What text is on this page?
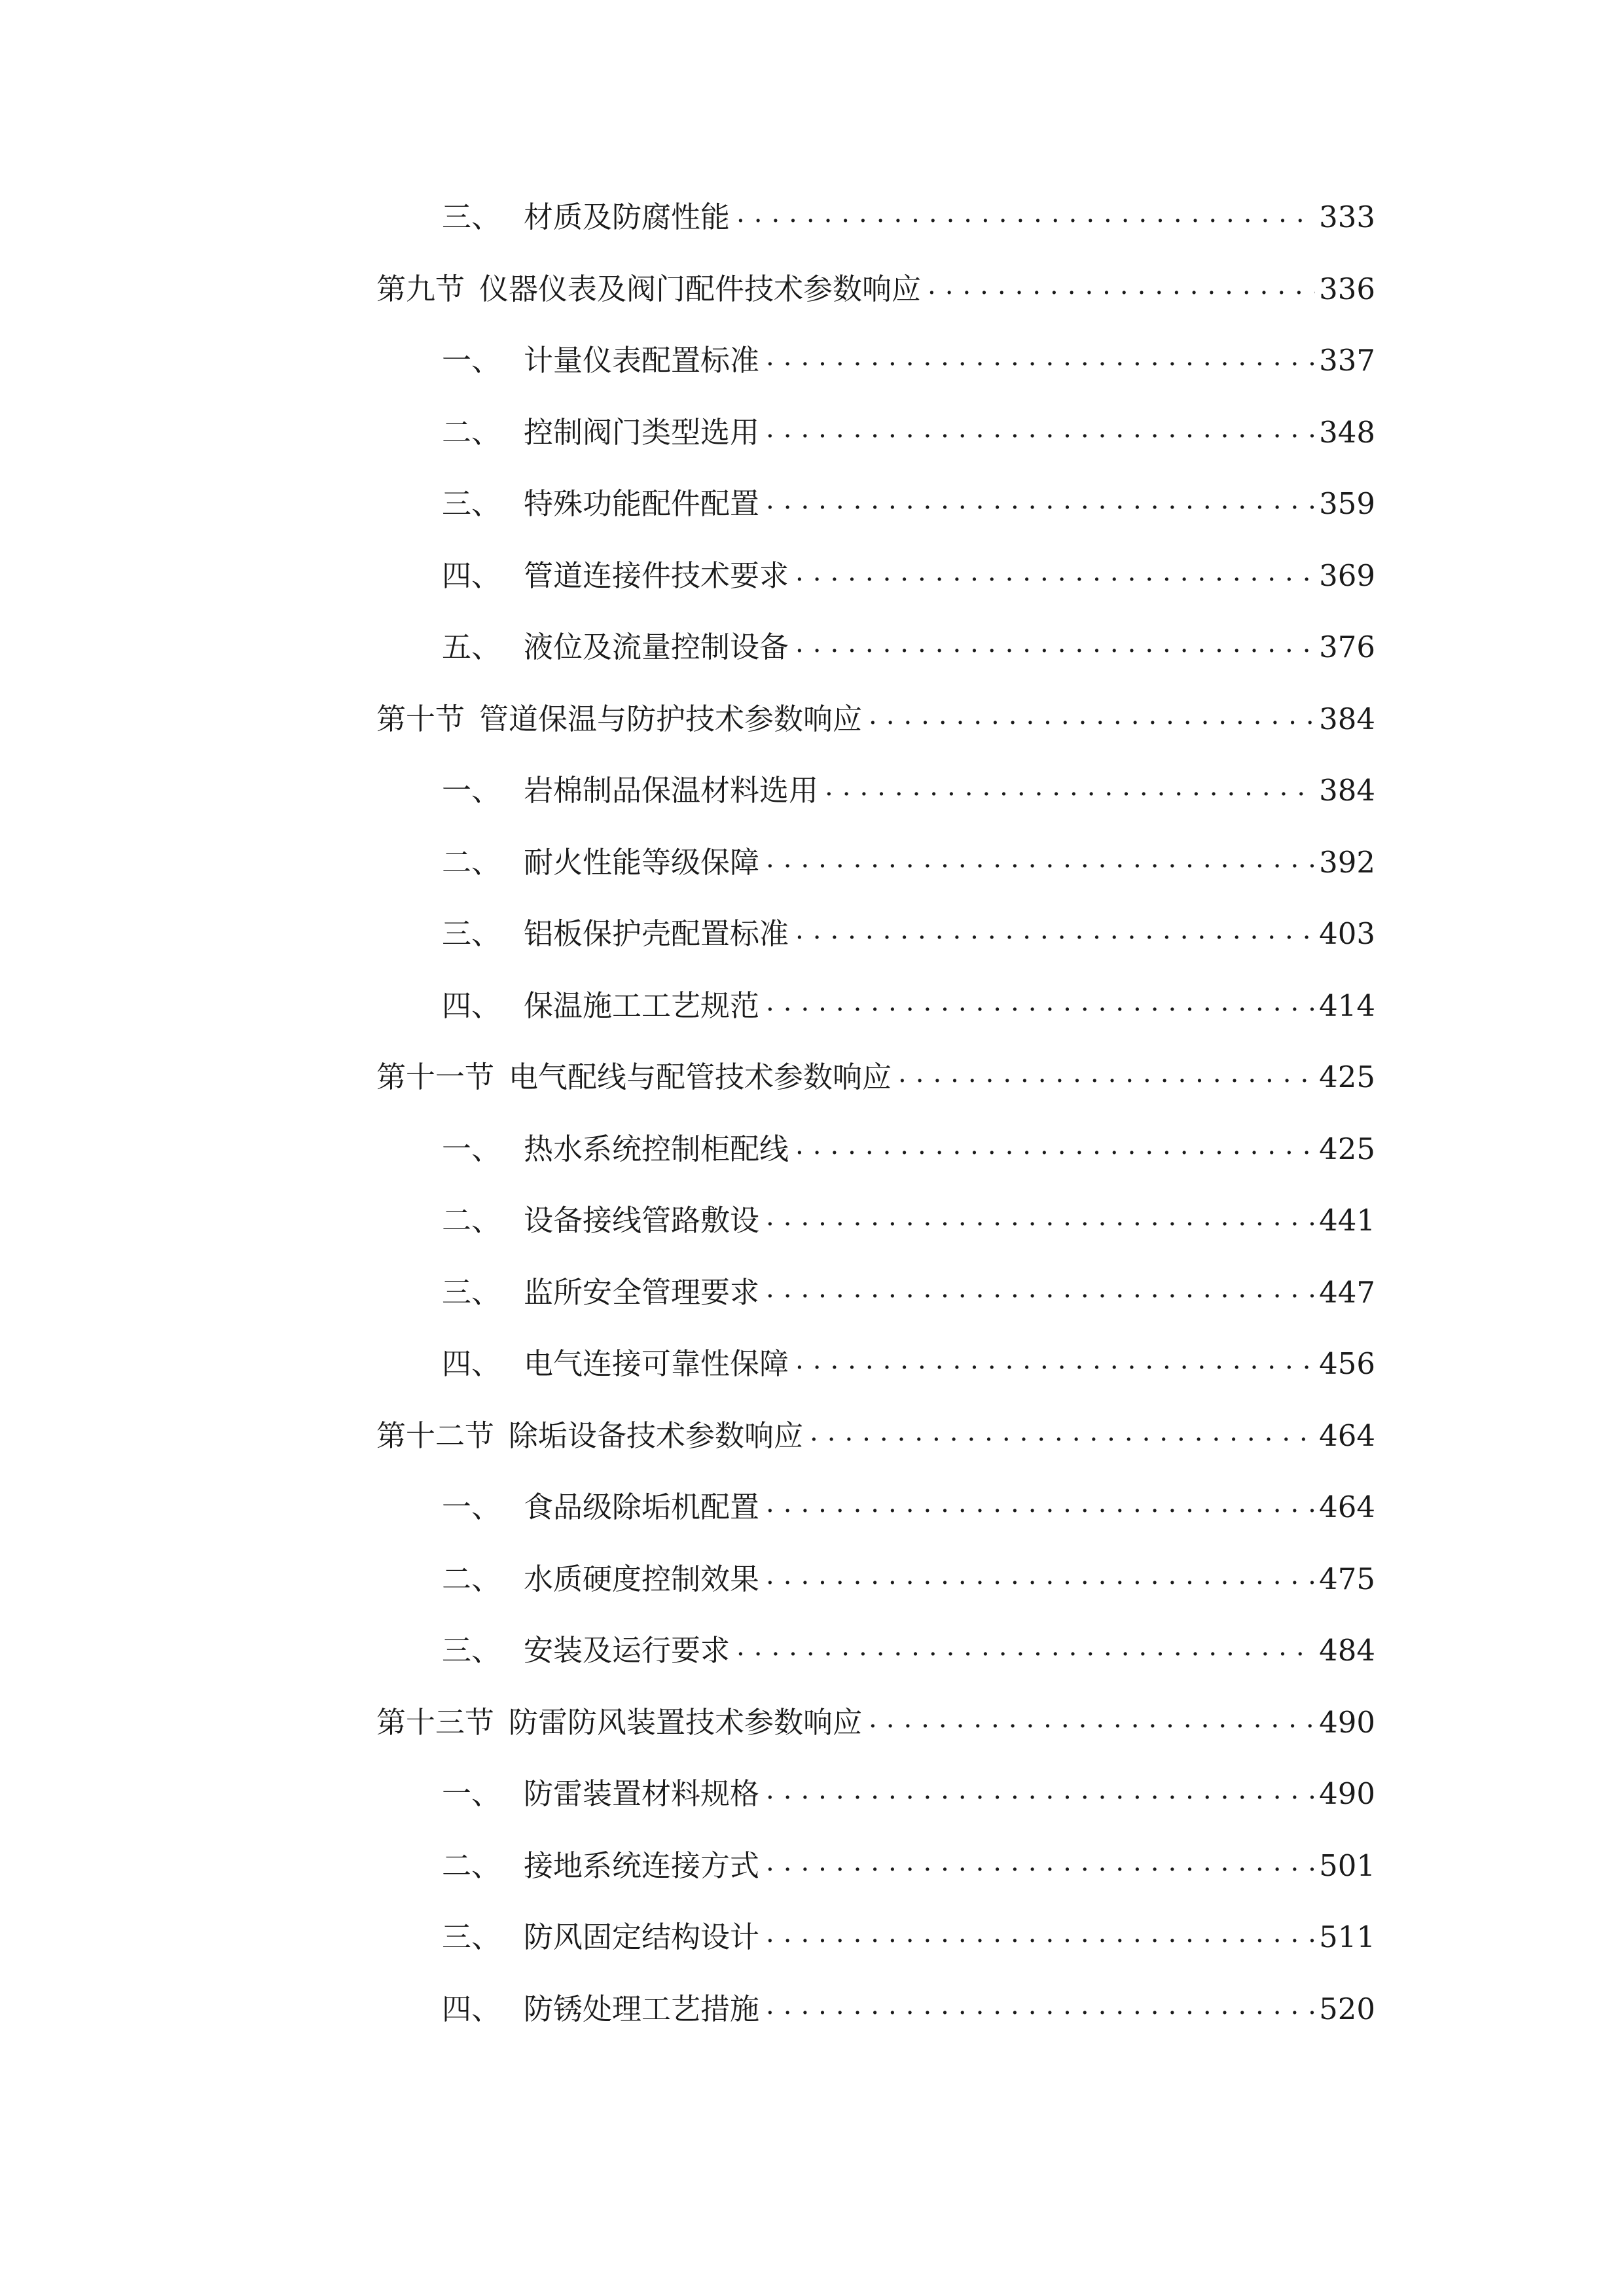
三、 材质及防腐性能 .....	333
第九节 仪器仪表及阀门配件技术参数响应 .....	336
一、 计量仪表配置标准 .....	337
二、 控制阀门类型选用 .....	348
三、 特殊功能配件配置 .....	359
四、 管道连接件技术要求 .....	369
五、 液位及流量控制设备 .....	376
第十节 管道保温与防护技术参数响应 .....	384
一、 岩棉制品保温材料选用 .....	384
二、 耐火性能等级保障 .....	392
三、 铝板保护壳配置标准 .....	403
四、 保温施工工艺规范 .....	414
第十一节 电气配线与配管技术参数响应 .....	425
一、 热水系统控制柜配线 .....	425
二、 设备接线管路敷设 .....	441
三、 监所安全管理要求 .....	447
四、 电气连接可靠性保障 .....	456
第十二节 除垢设备技术参数响应 .....	464
一、 食品级除垢机配置 .....	464
二、 水质硬度控制效果 .....	475
三、 安装及运行要求 .....	484
第十三节 防雷防风装置技术参数响应 .....	490
一、 防雷装置材料规格 .....	490
二、 接地系统连接方式 .....	501
三、 防风固定结构设计 .....	511
四、 防锈处理工艺措施 .....	520
